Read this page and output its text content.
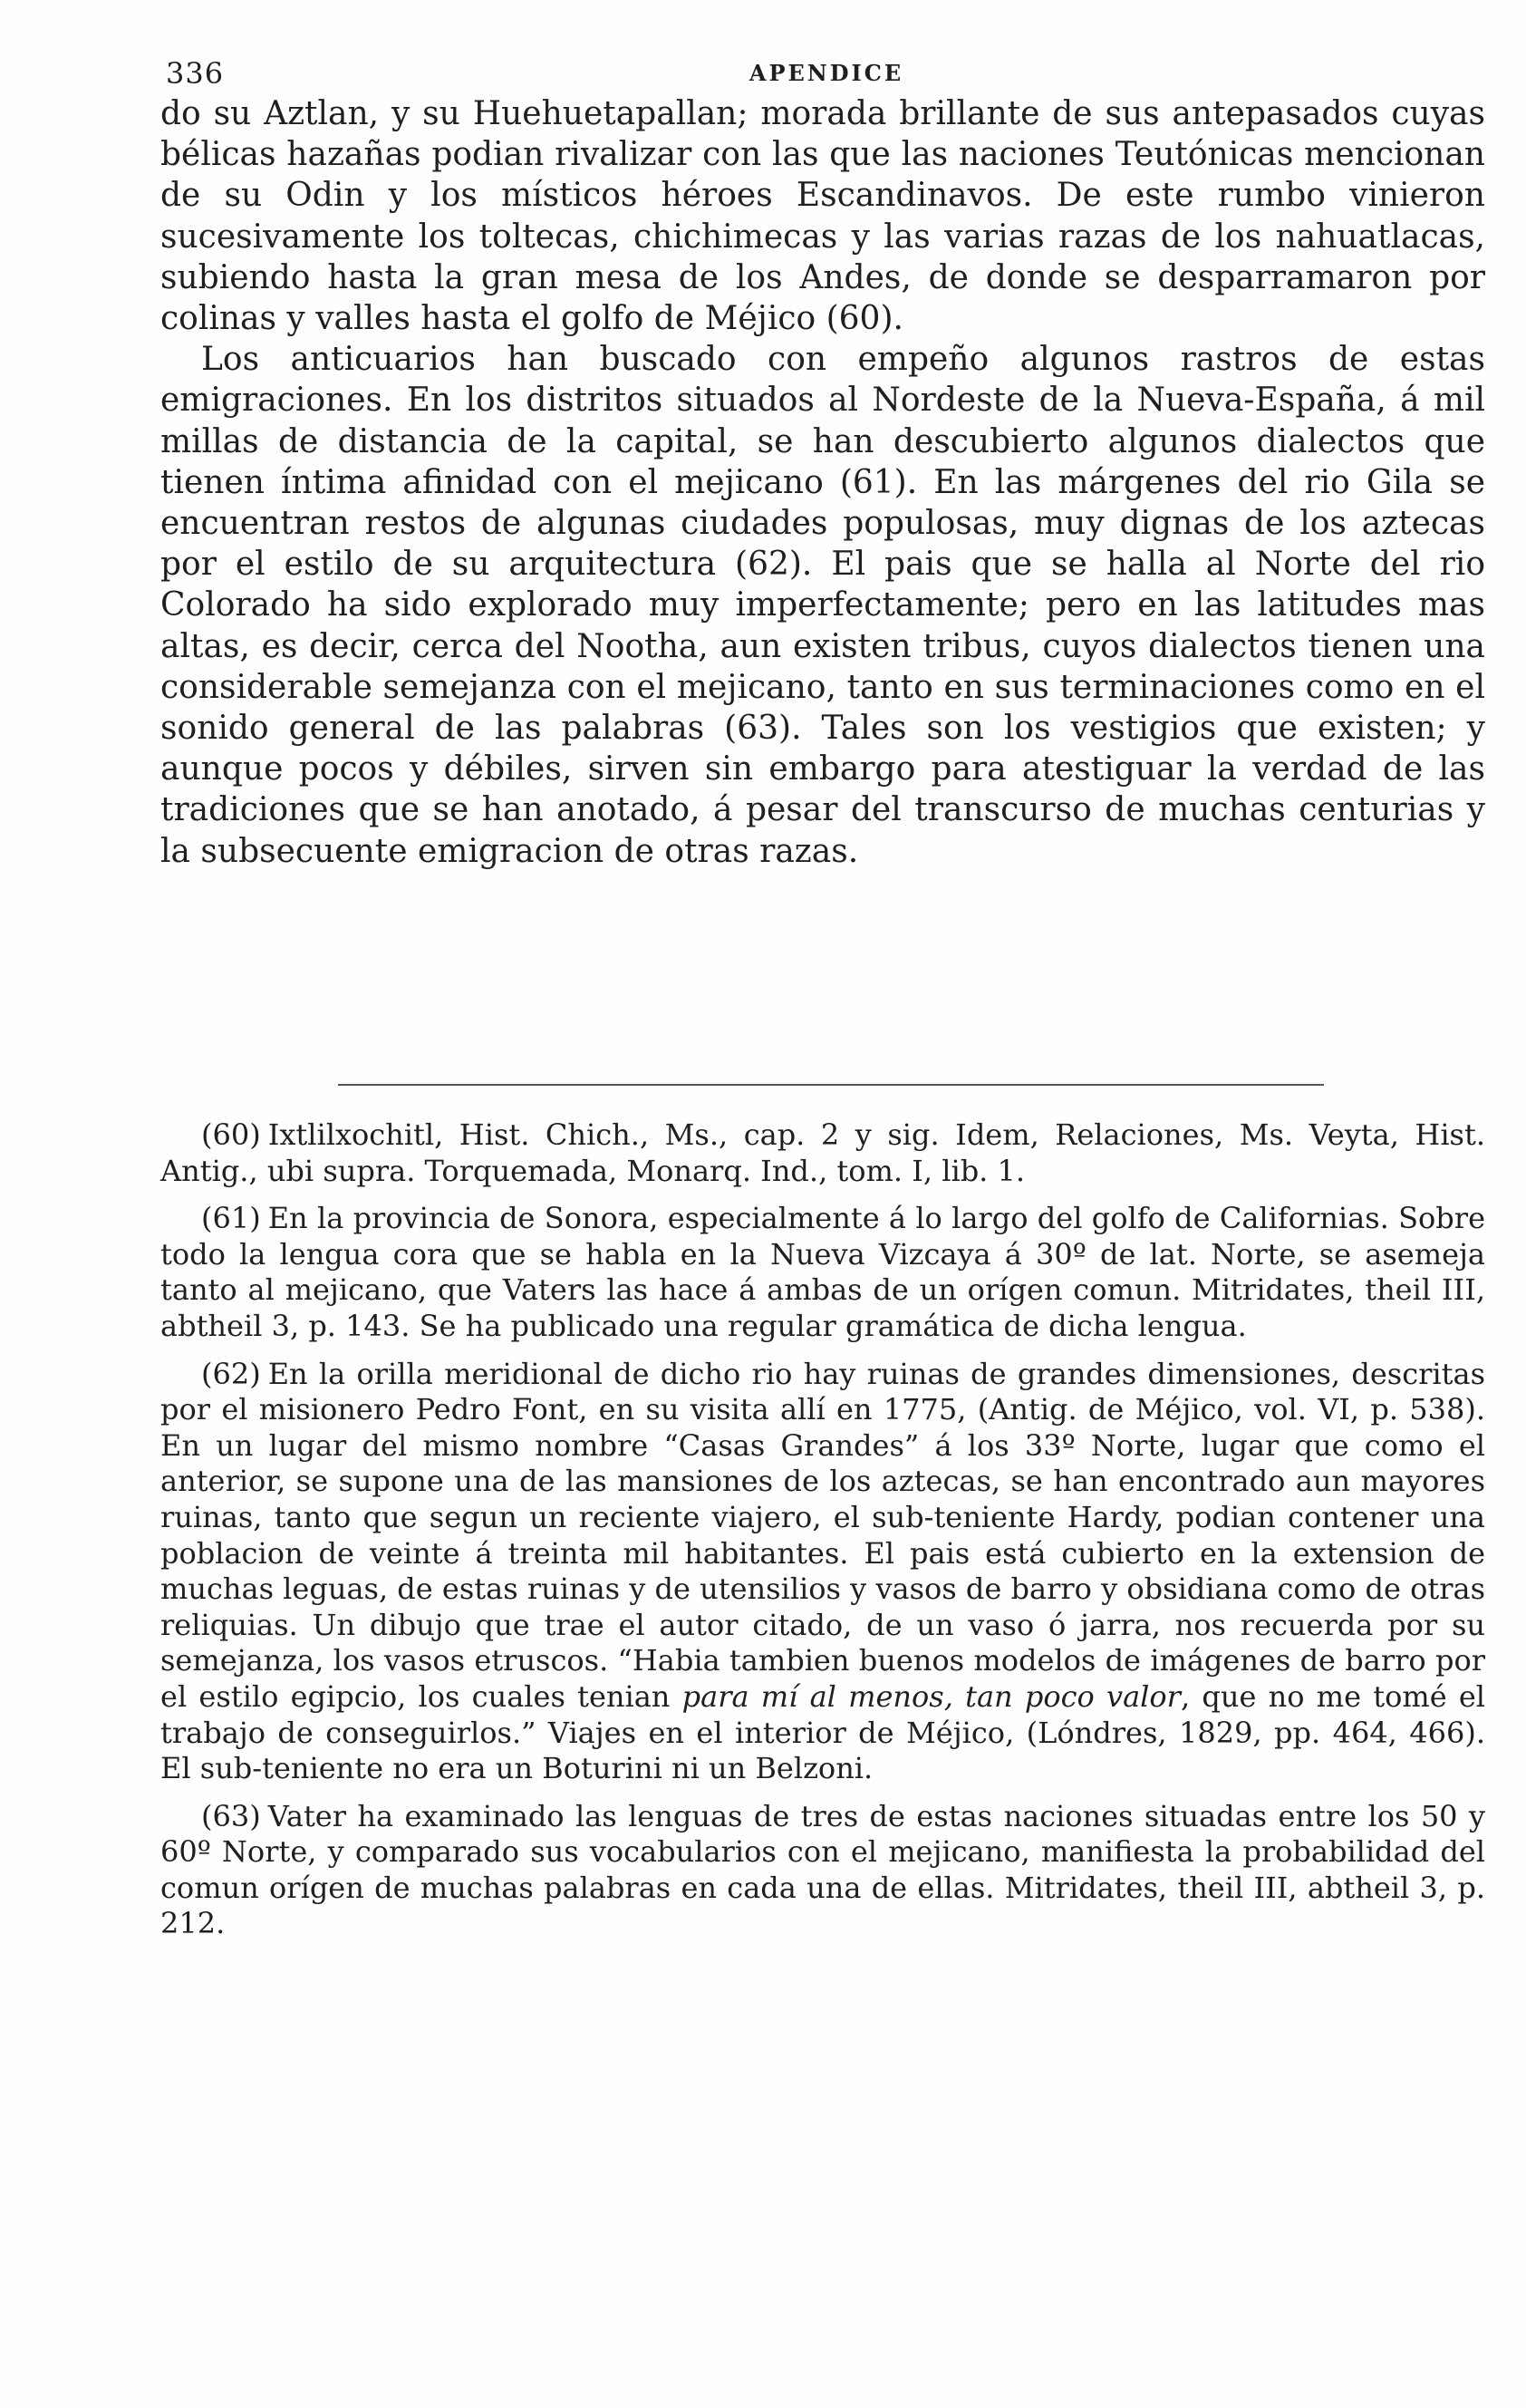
336	APENDICE

do su Aztlan, y su Huehuetapallan; morada brillante de sus antepasados cuyas bélicas hazañas podian rivalizar con las que las naciones Teutónicas mencionan de su Odin y los místicos héroes Escandinavos. De este rumbo vinieron sucesivamente los toltecas, chichimecas y las varias razas de los nahuatlacas, subiendo hasta la gran mesa de los Andes, de donde se desparramaron por colinas y valles hasta el golfo de Méjico (60).

Los anticuarios han buscado con empeño algunos rastros de estas emigraciones. En los distritos situados al Nordeste de la Nueva-España, á mil millas de distancia de la capital, se han descubierto algunos dialectos que tienen íntima afinidad con el mejicano (61). En las márgenes del rio Gila se encuentran restos de algunas ciudades populosas, muy dignas de los aztecas por el estilo de su arquitectura (62). El pais que se halla al Norte del rio Colorado ha sido explorado muy imperfectamente; pero en las latitudes mas altas, es decir, cerca del Nootha, aun existen tribus, cuyos dialectos tienen una considerable semejanza con el mejicano, tanto en sus terminaciones como en el sonido general de las palabras (63). Tales son los vestigios que existen; y aunque pocos y débiles, sirven sin embargo para atestiguar la verdad de las tradiciones que se han anotado, á pesar del transcurso de muchas centurias y la subsecuente emigracion de otras razas.

(60) Ixtlilxochitl, Hist. Chich., Ms., cap. 2 y sig. Idem, Relaciones, Ms. Veyta, Hist. Antig., ubi supra. Torquemada, Monarq. Ind., tom. I, lib. 1.

(61) En la provincia de Sonora, especialmente á lo largo del golfo de Californias. Sobre todo la lengua cora que se habla en la Nueva Vizcaya á 30º de lat. Norte, se asemeja tanto al mejicano, que Vaters las hace á ambas de un orígen comun. Mitridates, theil III, abtheil 3, p. 143. Se ha publicado una regular gramática de dicha lengua.

(62) En la orilla meridional de dicho rio hay ruinas de grandes dimensiones, descritas por el misionero Pedro Font, en su visita allí en 1775, (Antig. de Méjico, vol. VI, p. 538). En un lugar del mismo nombre “Casas Grandes” á los 33º Norte, lugar que como el anterior, se supone una de las mansiones de los aztecas, se han encontrado aun mayores ruinas, tanto que segun un reciente viajero, el sub-teniente Hardy, podian contener una poblacion de veinte á treinta mil habitantes. El pais está cubierto en la extension de muchas leguas, de estas ruinas y de utensilios y vasos de barro y obsidiana como de otras reliquias. Un dibujo que trae el autor citado, de un vaso ó jarra, nos recuerda por su semejanza, los vasos etruscos. “Habia tambien buenos modelos de imágenes de barro por el estilo egipcio, los cuales tenian para mí al menos, tan poco valor, que no me tomé el trabajo de conseguirlos.” Viajes en el interior de Méjico, (Lóndres, 1829, pp. 464, 466). El sub-teniente no era un Boturini ni un Belzoni.

(63) Vater ha examinado las lenguas de tres de estas naciones situadas entre los 50 y 60º Norte, y comparado sus vocabularios con el mejicano, manifiesta la probabilidad del comun orígen de muchas palabras en cada una de ellas. Mitridates, theil III, abtheil 3, p. 212.
